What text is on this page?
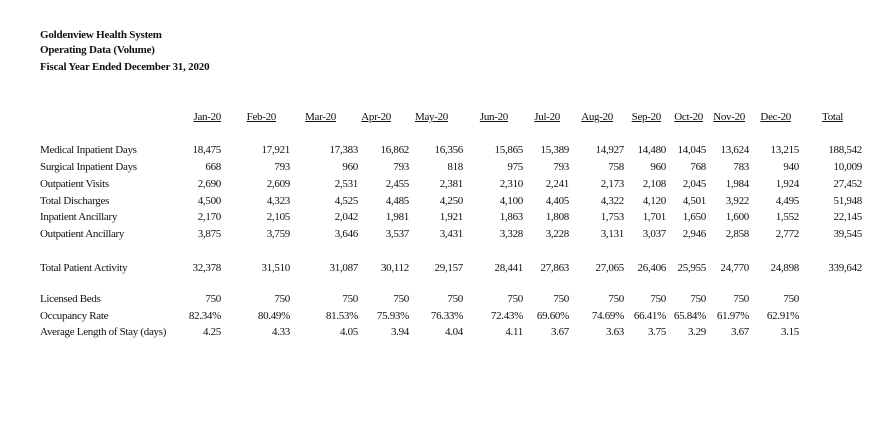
Goldenview Health System
Operating Data (Volume)
Fiscal Year Ended December 31, 2020
Jan-20	Feb-20	Mar-20	Apr-20	May-20	Jun-20	Jul-20	Aug-20	Sep-20	Oct-20 Nov-20	Dec-20	Total
Medical Inpatient Days	18,475	17,921	17,383	16,862	16,356	15,865	15,389	14,927	14,480	14,045	13,624	13,215	188,542
Surgical Inpatient Days	668	793	960	793	818	975	793	758	960	768	783	940	10,009
Outpatient Visits	2,690	2,609	2,531	2,455	2,381	2,310	2,241	2,173	2,108	2,045	1,984	1,924	27,452
Total Discharges	4,500	4,323	4,525	4,485	4,250	4,100	4,405	4,322	4,120	4,501	3,922	4,495	51,948
Inpatient Ancillary	2,170	2,105	2,042	1,981	1,921	1,863	1,808	1,753	1,701	1,650	1,600	1,552	22,145
Outpatient Ancillary	3,875	3,759	3,646	3,537	3,431	3,328	3,228	3,131	3,037	2,946	2,858	2,772	39,545
Total Patient Activity	32,378	31,510	31,087	30,112	29,157	28,441	27,863	27,065	26,406	25,955	24,770	24,898	339,642
Licensed Beds	750	750	750	750	750	750	750	750	750	750	750	750
Occupancy Rate	82.34%	80.49%	81.53%	75.93%	76.33%	72.43%	69.60%	74.69% 66.41% 65.84% 61.97%	62.91%
Average Length of Stay (days)	4.25	4.33	4.05	3.94	4.04	4.11	3.67	3.63	3.75	3.29	3.67	3.15
